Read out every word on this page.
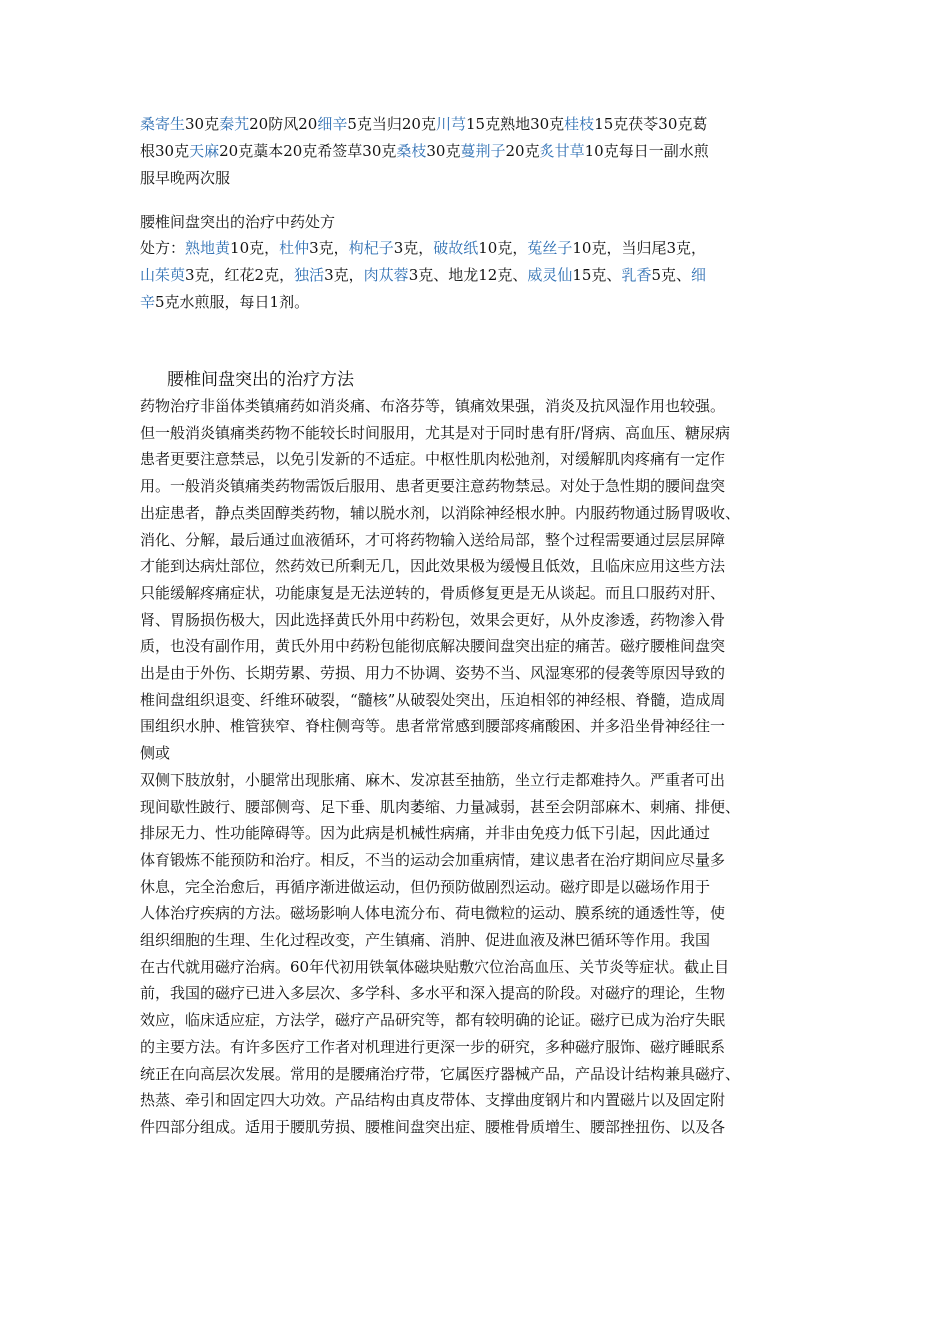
桑寄生30克秦艽20防风20细辛5克当归20克川芎15克熟地30克桂枝15克茯苓30克葛
根30克天麻20克藁本20克希签草30克桑枝30克蔓荆子20克炙甘草10克每日一副水煎
服早晚两次服
腰椎间盘突出的治疗中药处方
处方：熟地黄10克，杜仲3克，枸杞子3克，破故纸10克，菟丝子10克，当归尾3克，
山茱萸3克，红花2克，独活3克，肉苁蓉3克、地龙12克、威灵仙15克、乳香5克、细
辛5克水煎服，每日1剂。
腰椎间盘突出的治疗方法
药物治疗非甾体类镇痛药如消炎痛、布洛芬等，镇痛效果强，消炎及抗风湿作用也较强。
但一般消炎镇痛类药物不能较长时间服用，尤其是对于同时患有肝/肾病、高血压、糖尿病
患者更要注意禁忌，以免引发新的不适症。中枢性肌肉松弛剂，对缓解肌肉疼痛有一定作
用。一般消炎镇痛类药物需饭后服用、患者更要注意药物禁忌。对处于急性期的腰间盘突
出症患者，静点类固醇类药物，辅以脱水剂，以消除神经根水肿。内服药物通过肠胃吸收、
消化、分解，最后通过血液循环，才可将药物输入送给局部，整个过程需要通过层层屏障
才能到达病灶部位，然药效已所剩无几，因此效果极为缓慢且低效，且临床应用这些方法
只能缓解疼痛症状，功能康复是无法逆转的，骨质修复更是无从谈起。而且口服药对肝、
肾、胃肠损伤极大，因此选择黄氏外用中药粉包，效果会更好，从外皮渗透，药物渗入骨
质，也没有副作用，黄氏外用中药粉包能彻底解决腰间盘突出症的痛苦。磁疗腰椎间盘突
出是由于外伤、长期劳累、劳损、用力不协调、姿势不当、风湿寒邪的侵袭等原因导致的
椎间盘组织退变、纤维环破裂，“髓核”从破裂处突出，压迫相邻的神经根、脊髓，造成周
围组织水肿、椎管狭窄、脊柱侧弯等。患者常常感到腰部疼痛酸困、并多沿坐骨神经往一
侧或
双侧下肢放射，小腿常出现胀痛、麻木、发凉甚至抽筋，坐立行走都难持久。严重者可出
现间歇性跛行、腰部侧弯、足下垂、肌肉萎缩、力量减弱，甚至会阴部麻木、刺痛、排便、
排尿无力、性功能障碍等。因为此病是机械性病痛，并非由免疫力低下引起，因此通过
体育锻炼不能预防和治疗。相反，不当的运动会加重病情，建议患者在治疗期间应尽量多
休息，完全治愈后，再循序渐进做运动，但仍预防做剧烈运动。磁疗即是以磁场作用于
人体治疗疾病的方法。磁场影响人体电流分布、荷电微粒的运动、膜系统的通透性等，使
组织细胞的生理、生化过程改变，产生镇痛、消肿、促进血液及淋巴循环等作用。我国
在古代就用磁疗治病。60年代初用铁氧体磁块贴敷穴位治高血压、关节炎等症状。截止目
前，我国的磁疗已进入多层次、多学科、多水平和深入提高的阶段。对磁疗的理论，生物
效应，临床适应症，方法学，磁疗产品研究等，都有较明确的论证。磁疗已成为治疗失眠
的主要方法。有许多医疗工作者对机理进行更深一步的研究，多种磁疗服饰、磁疗睡眠系
统正在向高层次发展。常用的是腰痛治疗带，它属医疗器械产品，产品设计结构兼具磁疗、
热蒸、牵引和固定四大功效。产品结构由真皮带体、支撑曲度钢片和内置磁片以及固定附
件四部分组成。适用于腰肌劳损、腰椎间盘突出症、腰椎骨质增生、腰部挫扭伤、以及各
